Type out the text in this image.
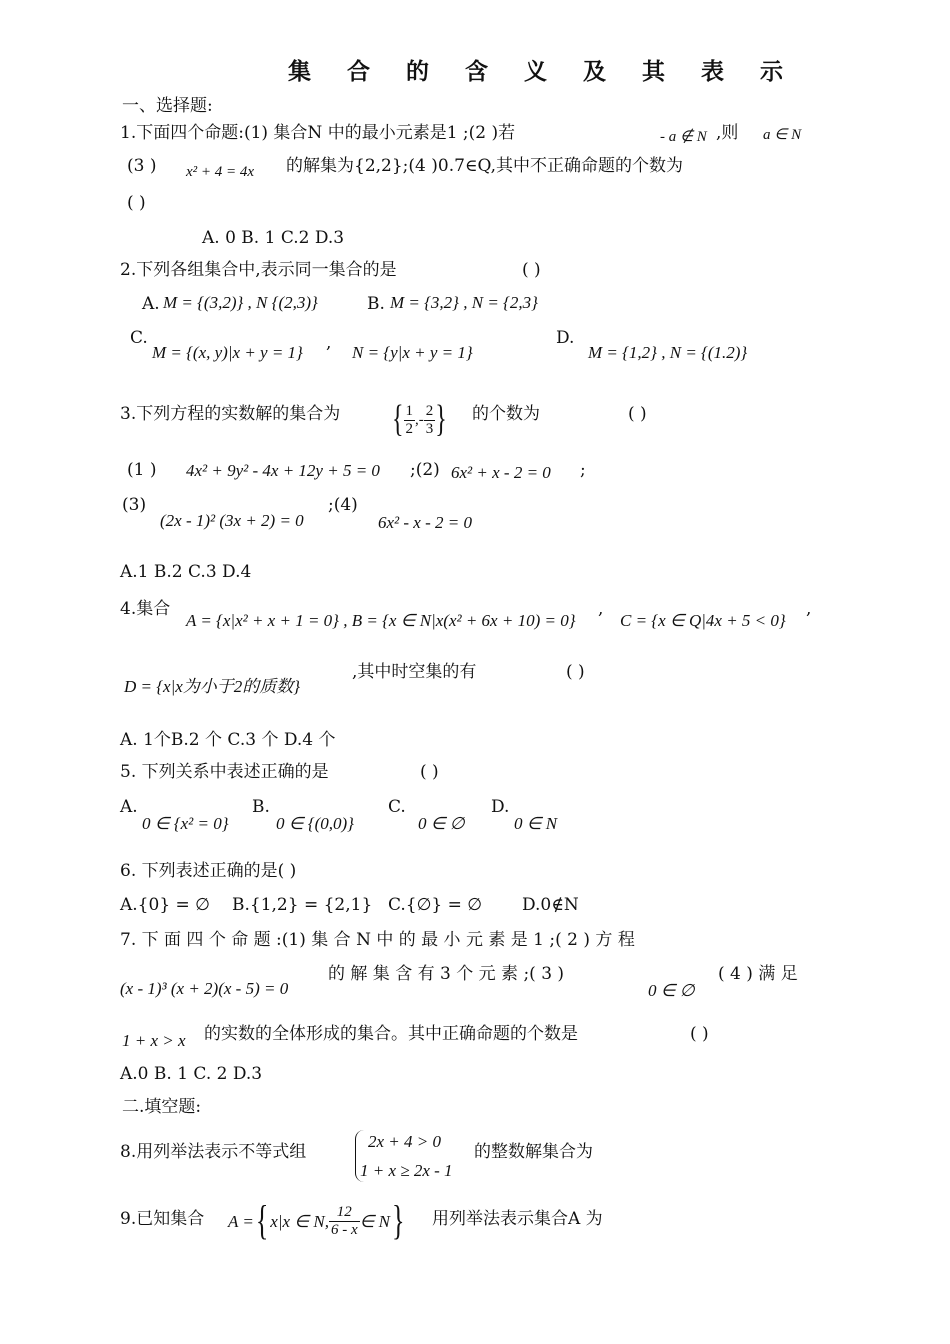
集 合 的 含 义 及 其 表 示
一、选择题:
1.下面四个命题:(1) 集合N 中的最小元素是1 ;(2 )若	- a ∉ N ,则 a ∈ N
(3 ) x² + 4 = 4x 的解集为{2,2};(4 )0.7∈Q,其中不正确命题的个数为
( )
A. 0 B. 1 C.2 D.3
2.下列各组集合中,表示同一集合的是	( )
A. M = {(3,2)} , N {(2,3)}	B. M = {3,2} , N = {2,3}
C.
M = {(x, y)|x + y = 1} , N = {y|x + y = 1}
D.
M = {1,2} , N = {(1.2)}
3.下列方程的实数解的集合为 { $\frac{1}{2}$ ,- $\frac{2}{3}$ } 的个数为	( )
(1 ) 4x² + 9y² - 4x + 12y + 5 = 0 ;(2) 6x² + x - 2 = 0 ;
(3)
(2x - 1)² (3x + 2) = 0
;(4)
6x² - x - 2 = 0
A.1 B.2 C.3 D.4
4.集合
A = {x|x² + x + 1 = 0} , B = {x ∈ N|x(x² + 6x + 10) = 0}
,
C = {x ∈ Q|4x + 5 < 0}
,
D = {x|x为小于2的质数}
,其中时空集的有	( )
A. 1个B.2 个 C.3 个 D.4 个
5. 下列关系中表述正确的是	( )
A.
0 ∈ {x² = 0}
B.
0 ∈ {(0,0)}
C.
0 ∈ ∅
D.
0 ∈ N
6. 下列表述正确的是( )
A.{0} = ∅ B.{1,2} = {2,1} C.{∅} = ∅ D.0∉N
7. 下 面 四 个 命 题 :(1) 集 合 N 中 的 最 小 元 素 是 1 ;( 2 ) 方 程
(x - 1)³ (x + 2)(x - 5) = 0
的 解 集 含 有 3 个 元 素 ;( 3 )
0 ∈ ∅
( 4 ) 满 足
1 + x > x 的实数的全体形成的集合。其中正确命题的个数是	( )
A.0 B. 1 C. 2 D.3
二.填空题:
8.用列举法表示不等式组
2x + 4 > 0
1 + x ≥ 2x - 1
的整数解集合为
9.已知集合 A = { x|x ∈ N, $\frac{12}{6 - x}$ ∈ N } 用列举法表示集合A 为
